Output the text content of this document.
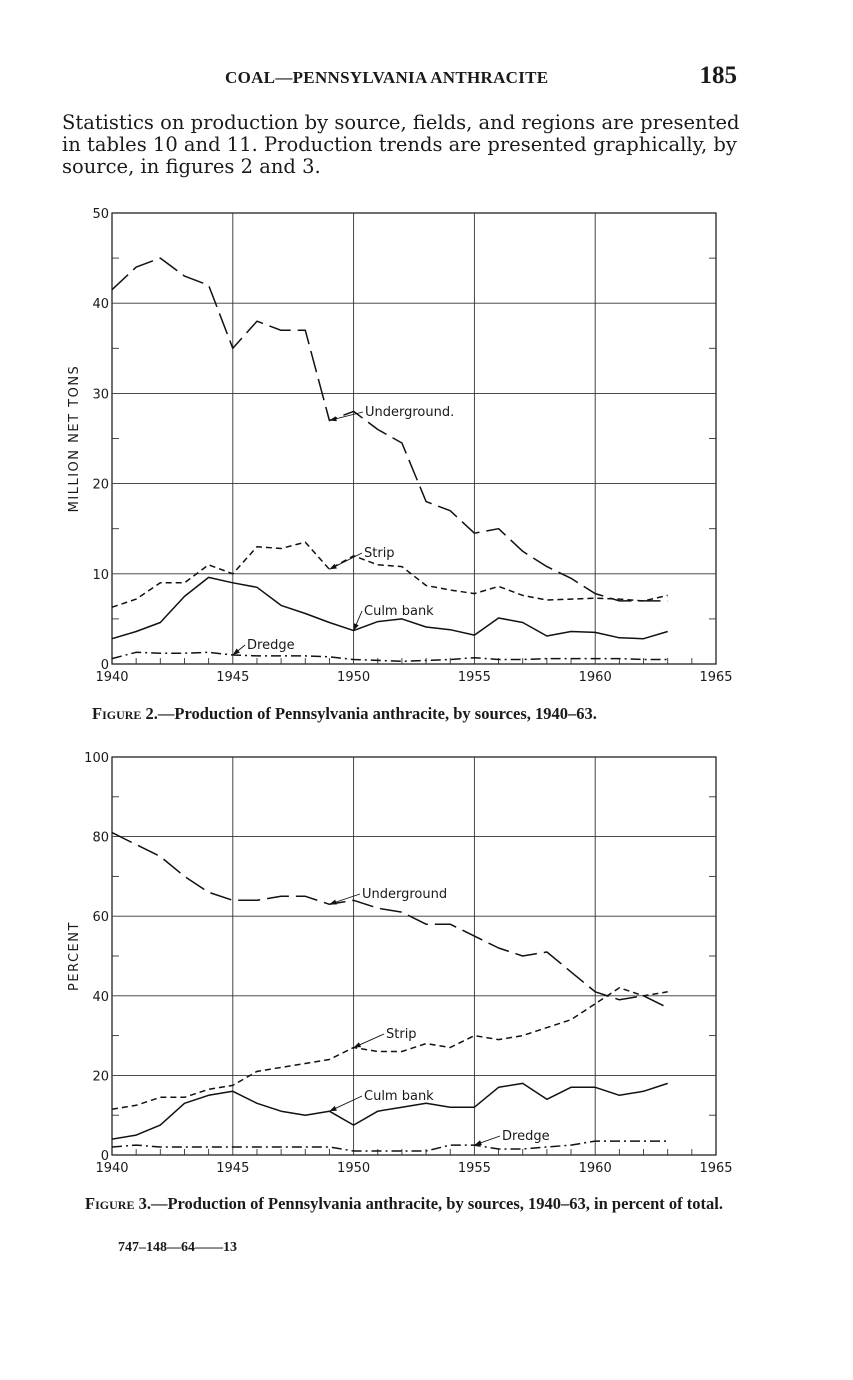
COAL—PENNSYLVANIA ANTHRACITE	185

Statistics on production by source, fields, and regions are presented in tables 10 and 11. Production trends are presented graphically, by source, in figures 2 and 3.

1940	1945	1950	1955	1960	1965
0
10
20
30
40
50
MILLION NET TONS	Underground.
Strip
Culm bank
Dredge

Figure 2.—Production of Pennsylvania anthracite, by sources, 1940–63.

1940	1945	1950	1955	1960	1965
0
20
40
60
80
100
PERCENT
Underground
Strip
Culm bank
Dredge

Figure 3.—Production of Pennsylvania anthracite, by sources, 1940–63, in percent of total.

747–148—64——13
